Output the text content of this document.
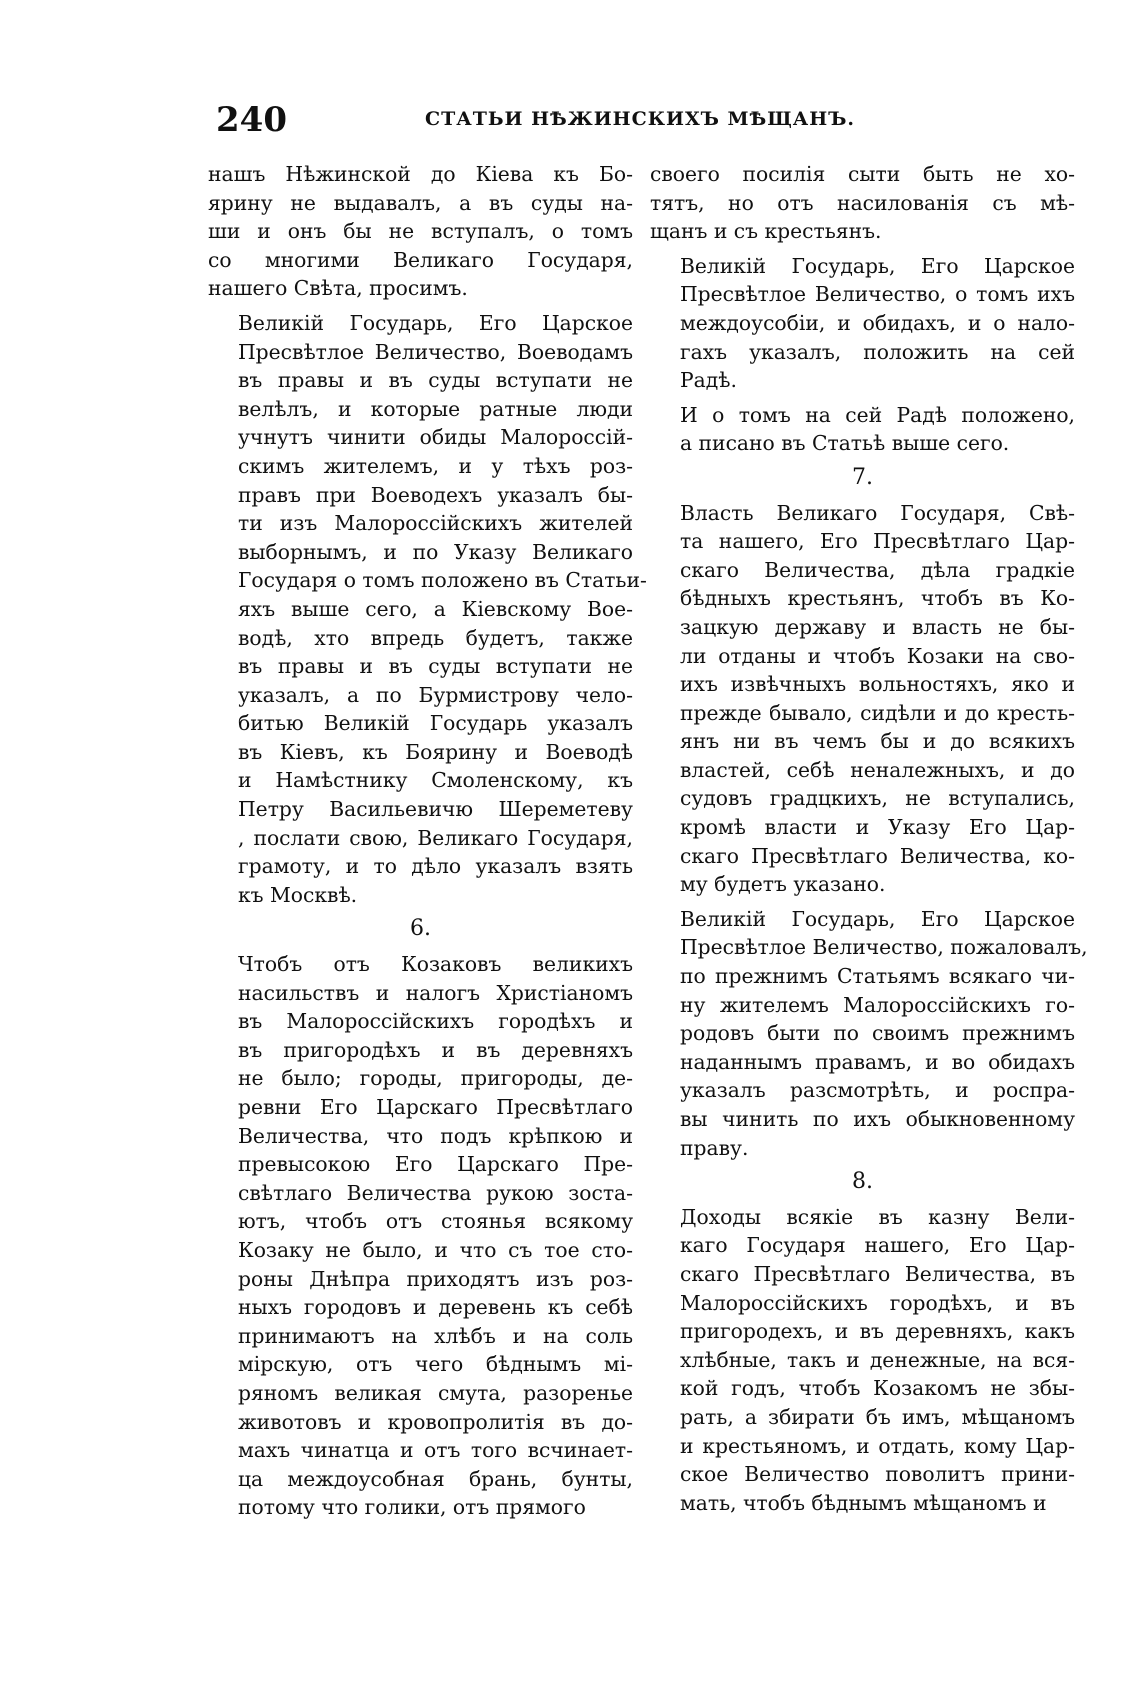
240	СТАТЬИ НѢЖИНСКИХЪ МѢЩАНЪ.
нашъ Нѣжинской до Кіева къ Бо-
ярину не выдавалъ, а въ суды на-
ши и онъ бы не вступалъ, о томъ
со многими Великаго Государя,
нашего Свѣта, просимъ.
Великій Государь, Его Царское
Пресвѣтлое Величество, Воеводамъ
въ правы и въ суды вступати не
велѣлъ, и которые ратные люди
учнутъ чинити обиды Малороссій-
скимъ жителемъ, и у тѣхъ роз-
правъ при Воеводехъ указалъ бы-
ти изъ Малороссійскихъ жителей
выборнымъ, и по Указу Великаго
Государя о томъ положено въ Статьи-
яхъ выше сего, а Кіевскому Вое-
водѣ, хто впредь будетъ, также
въ правы и въ суды вступати не
указалъ, а по Бурмистрову чело-
битью Великій Государь указалъ
въ Кіевъ, къ Боярину и Воеводѣ
и Намѣстнику Смоленскому, къ
Петру Васильевичю Шереметеву
, послати свою, Великаго Государя,
грамоту, и то дѣло указалъ взять
къ Москвѣ.
6.
Чтобъ отъ Козаковъ великихъ
насильствъ и налогъ Христіаномъ
въ Малороссійскихъ городѣхъ и
въ пригородѣхъ и въ деревняхъ
не было; городы, пригороды, де-
ревни Его Царскаго Пресвѣтлаго
Величества, что подъ крѣпкою и
превысокою Его Царскаго Пре-
свѣтлаго Величества рукою зоста-
ютъ, чтобъ отъ стоянья всякому
Козаку не было, и что съ тое сто-
роны Днѣпра приходятъ изъ роз-
ныхъ городовъ и деревень къ себѣ
принимаютъ на хлѣбъ и на соль
мірскую, отъ чего бѣднымъ мі-
ряномъ великая смута, разоренье
животовъ и кровопролитія въ до-
махъ чинатца и отъ того всчинает-
ца междоусобная брань, бунты,
потому что голики, отъ прямого
своего посилія сыти быть не хо-
тятъ, но отъ насилованія съ мѣ-
щанъ и съ крестьянъ.
Великій Государь, Его Царское
Пресвѣтлое Величество, о томъ ихъ
междоусобіи, и обидахъ, и о нало-
гахъ указалъ, положить на сей
Радѣ.
И о томъ на сей Радѣ положено,
а писано въ Статьѣ выше сего.
7.
Власть Великаго Государя, Свѣ-
та нашего, Его Пресвѣтлаго Цар-
скаго Величества, дѣла градкіе
бѣдныхъ крестьянъ, чтобъ въ Ко-
зацкую державу и власть не бы-
ли отданы и чтобъ Козаки на сво-
ихъ извѣчныхъ вольностяхъ, яко и
прежде бывало, сидѣли и до кресть-
янъ ни въ чемъ бы и до всякихъ
властей, себѣ неналежныхъ, и до
судовъ градцкихъ, не вступались,
кромѣ власти и Указу Его Цар-
скаго Пресвѣтлаго Величества, ко-
му будетъ указано.
Великій Государь, Его Царское
Пресвѣтлое Величество, пожаловалъ,
по прежнимъ Статьямъ всякаго чи-
ну жителемъ Малороссійскихъ го-
родовъ быти по своимъ прежнимъ
наданнымъ правамъ, и во обидахъ
указалъ разсмотрѣть, и роспра-
вы чинить по ихъ обыкновенному
праву.
8.
Доходы всякіе въ казну Вели-
каго Государя нашего, Его Цар-
скаго Пресвѣтлаго Величества, въ
Малороссійскихъ городѣхъ, и въ
пригородехъ, и въ деревняхъ, какъ
хлѣбные, такъ и денежные, на вся-
кой годъ, чтобъ Козакомъ не збы-
рать, а збирати бъ имъ, мѣщаномъ
и крестьяномъ, и отдать, кому Цар-
ское Величество поволитъ прини-
мать, чтобъ бѣднымъ мѣщаномъ и
